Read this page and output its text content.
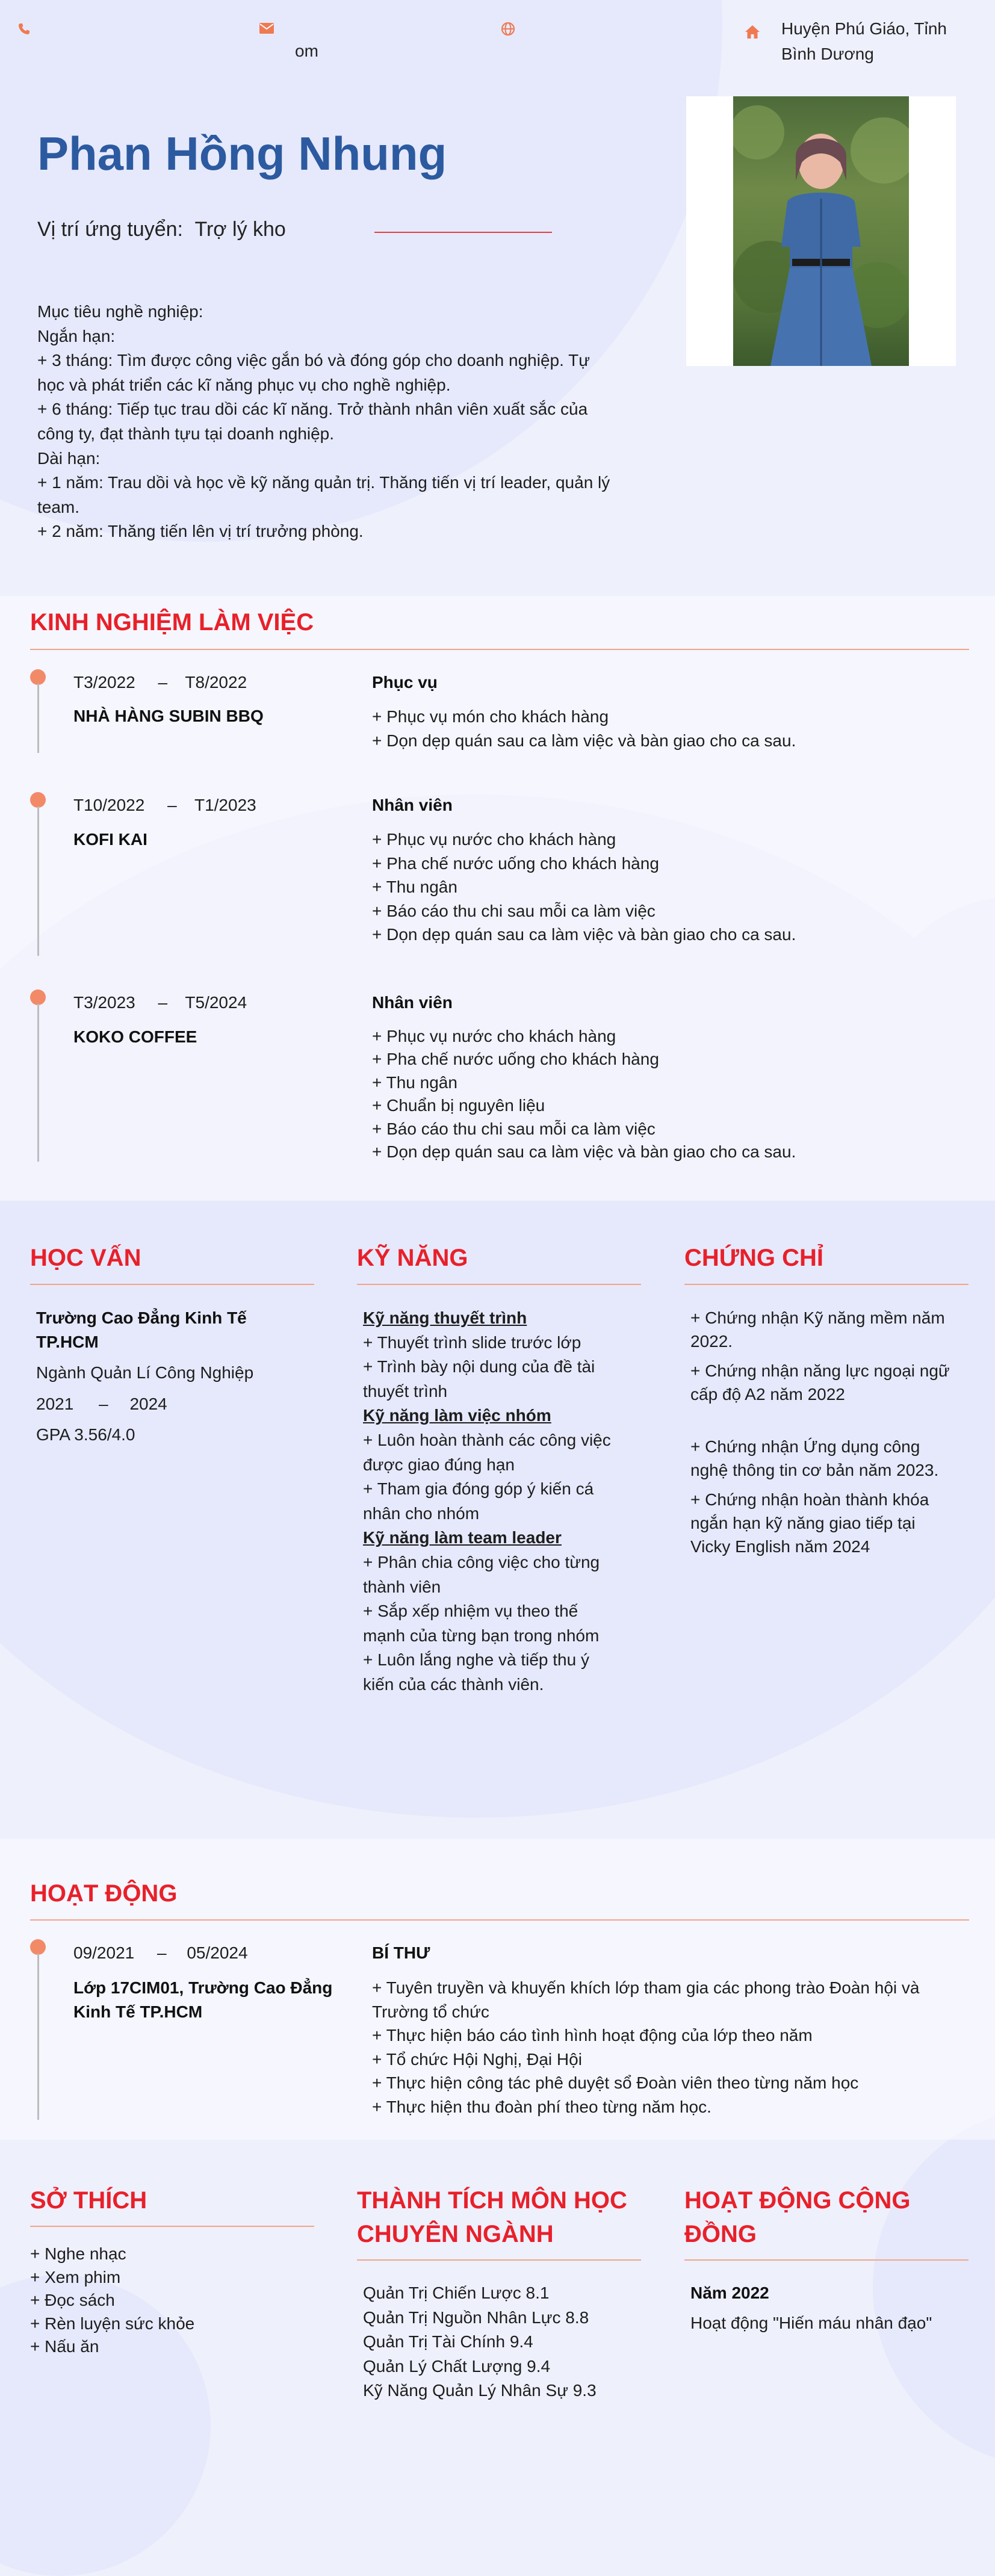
om
Huyện Phú Giáo, Tỉnh
Bình Dương
Phan Hồng Nhung
Vị trí ứng tuyển: Trợ lý kho
Mục tiêu nghề nghiệp:
Ngắn hạn:
+ 3 tháng: Tìm được công việc gắn bó và đóng góp cho doanh nghiệp. Tự
học và phát triển các kĩ năng phục vụ cho nghề nghiệp.
+ 6 tháng: Tiếp tục trau dồi các kĩ năng. Trở thành nhân viên xuất sắc của
công ty, đạt thành tựu tại doanh nghiệp.
Dài hạn:
+ 1 năm: Trau dồi và học về kỹ năng quản trị. Thăng tiến vị trí leader, quản lý
team.
+ 2 năm: Thăng tiến lên vị trí trưởng phòng.
KINH NGHIỆM LÀM VIỆC
T3/2022 – T8/2022
NHÀ HÀNG SUBIN BBQ
Phục vụ
+ Phục vụ món cho khách hàng
+ Dọn dẹp quán sau ca làm việc và bàn giao cho ca sau.
T10/2022 – T1/2023
KOFI KAI
Nhân viên
+ Phục vụ nước cho khách hàng
+ Pha chế nước uống cho khách hàng
+ Thu ngân
+ Báo cáo thu chi sau mỗi ca làm việc
+ Dọn dẹp quán sau ca làm việc và bàn giao cho ca sau.
T3/2023 – T5/2024
KOKO COFFEE
Nhân viên
+ Phục vụ nước cho khách hàng
+ Pha chế nước uống cho khách hàng
+ Thu ngân
+ Chuẩn bị nguyên liệu
+ Báo cáo thu chi sau mỗi ca làm việc
+ Dọn dẹp quán sau ca làm việc và bàn giao cho ca sau.
HỌC VẤN
Trường Cao Đẳng Kinh Tế
TP.HCM
Ngành Quản Lí Công Nghiệp
2021 – 2024
GPA 3.56/4.0
KỸ NĂNG
Kỹ năng thuyết trình
+ Thuyết trình slide trước lớp
+ Trình bày nội dung của đề tài
thuyết trình
Kỹ năng làm việc nhóm
+ Luôn hoàn thành các công việc
được giao đúng hạn
+ Tham gia đóng góp ý kiến cá
nhân cho nhóm
Kỹ năng làm team leader
+ Phân chia công việc cho từng
thành viên
+ Sắp xếp nhiệm vụ theo thế
mạnh của từng bạn trong nhóm
+ Luôn lắng nghe và tiếp thu ý
kiến của các thành viên.
CHỨNG CHỈ
+ Chứng nhận Kỹ năng mềm năm
2022.
+ Chứng nhận năng lực ngoại ngữ
cấp độ A2 năm 2022
+ Chứng nhận Ứng dụng công
nghệ thông tin cơ bản năm 2023.
+ Chứng nhận hoàn thành khóa
ngắn hạn kỹ năng giao tiếp tại
Vicky English năm 2024
HOẠT ĐỘNG
09/2021 – 05/2024
Lớp 17CIM01, Trường Cao Đẳng
Kinh Tế TP.HCM
BÍ THƯ
+ Tuyên truyền và khuyến khích lớp tham gia các phong trào Đoàn hội và
Trường tổ chức
+ Thực hiện báo cáo tình hình hoạt động của lớp theo năm
+ Tổ chức Hội Nghị, Đại Hội
+ Thực hiện công tác phê duyệt sổ Đoàn viên theo từng năm học
+ Thực hiện thu đoàn phí theo từng năm học.
SỞ THÍCH
+ Nghe nhạc
+ Xem phim
+ Đọc sách
+ Rèn luyện sức khỏe
+ Nấu ăn
THÀNH TÍCH MÔN HỌC
CHUYÊN NGÀNH
Quản Trị Chiến Lược 8.1
Quản Trị Nguồn Nhân Lực 8.8
Quản Trị Tài Chính 9.4
Quản Lý Chất Lượng 9.4
Kỹ Năng Quản Lý Nhân Sự 9.3
HOẠT ĐỘNG CỘNG
ĐỒNG
Năm 2022
Hoạt động "Hiến máu nhân đạo"
